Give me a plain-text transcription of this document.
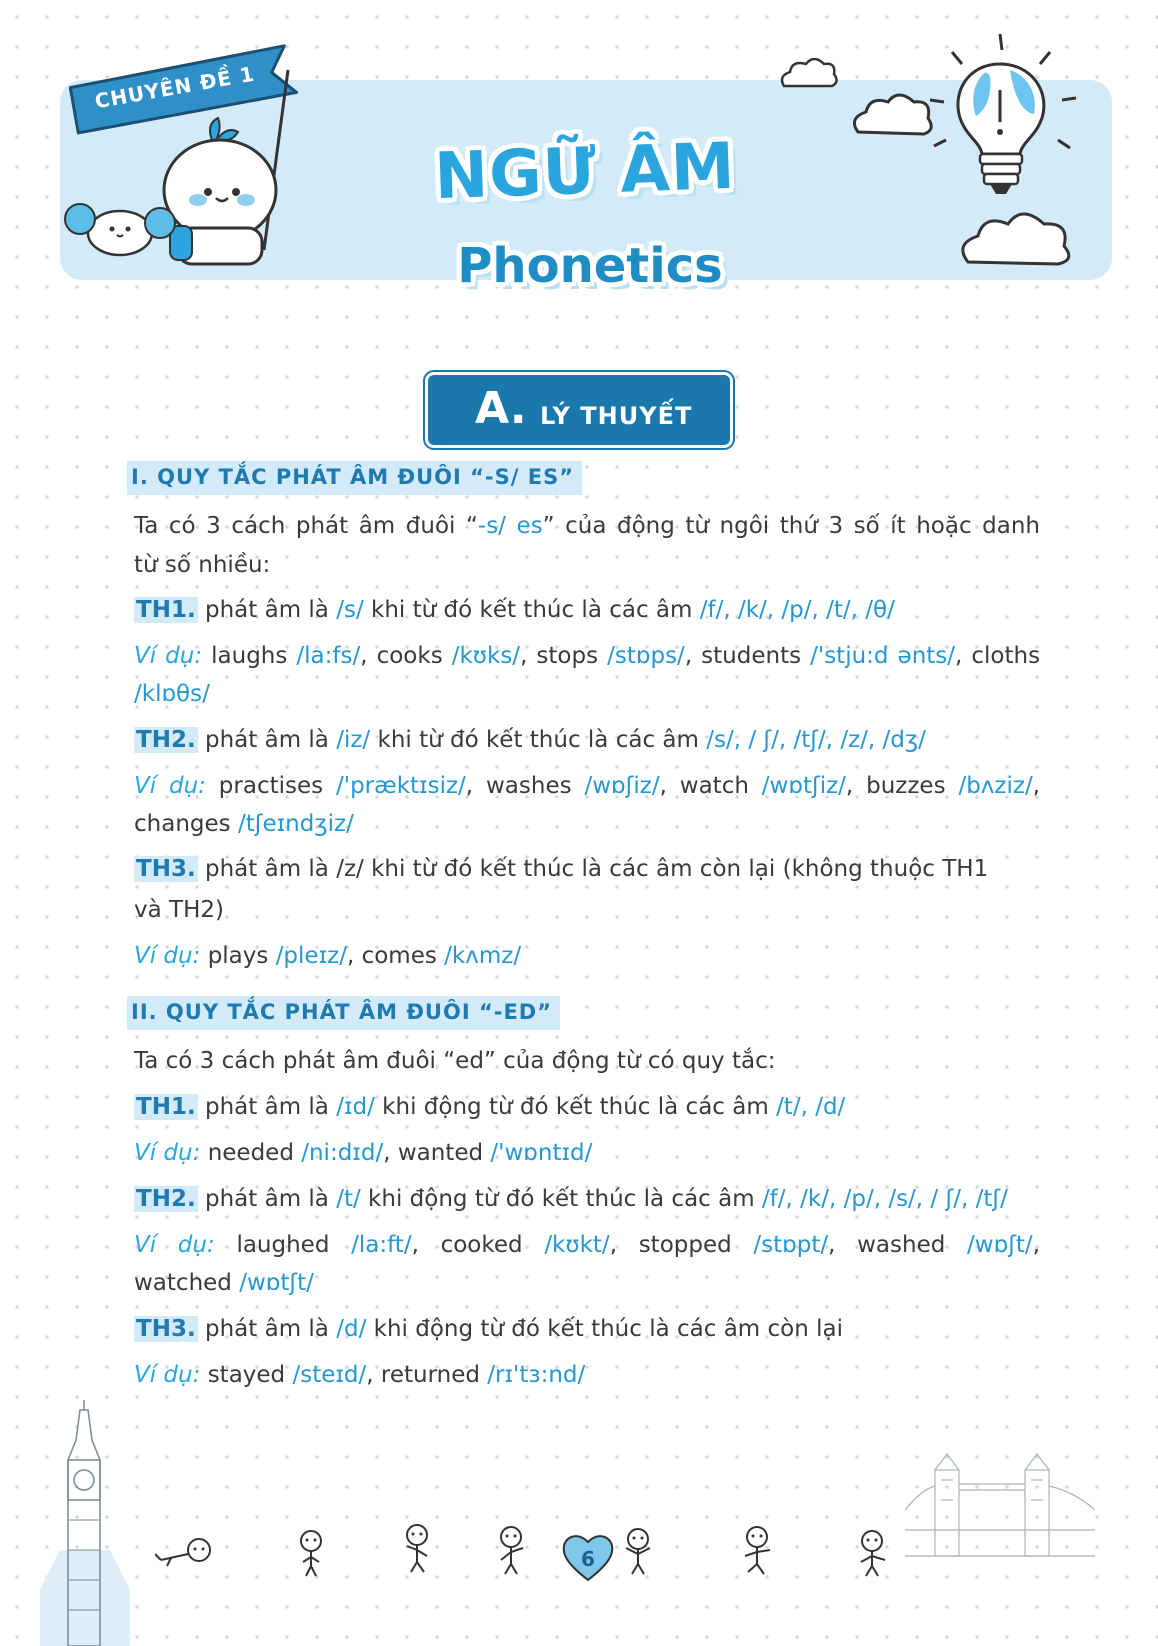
CHUYÊN ĐỀ 1
NGỮ ÂM
Phonetics
A. LÝ THUYẾT
I. QUY TẮC PHÁT ÂM ĐUÔI “-S/ ES”
Ta có 3 cách phát âm đuôi “-s/ es” của động từ ngôi thứ 3 số ít hoặc danh
từ số nhiều:
TH1. phát âm là /s/ khi từ đó kết thúc là các âm /f/, /k/, /p/, /t/, /θ/
Ví dụ: laughs /la:fs/, cooks /kʊks/, stops /stɒps/, students /'stju:d ənts/, cloths
/klɒθs/
TH2. phát âm là /iz/ khi từ đó kết thúc là các âm /s/, / ʃ/, /tʃ/, /z/, /dʒ/
Ví dụ: practises /'præktɪsiz/, washes /wɒʃiz/, watch /wɒtʃiz/, buzzes /bʌziz/,
changes /tʃeɪndʒiz/
TH3. phát âm là /z/ khi từ đó kết thúc là các âm còn lại (không thuộc TH1
và TH2)
Ví dụ: plays /pleɪz/, comes /kʌmz/
II. QUY TẮC PHÁT ÂM ĐUÔI “-ED”
Ta có 3 cách phát âm đuôi “ed” của động từ có quy tắc:
TH1. phát âm là /ɪd/ khi động từ đó kết thúc là các âm /t/, /d/
Ví dụ: needed /ni:dɪd/, wanted /'wɒntɪd/
TH2. phát âm là /t/ khi động từ đó kết thúc là các âm /f/, /k/, /p/, /s/, / ʃ/, /tʃ/
Ví dụ: laughed /la:ft/, cooked /kʊkt/, stopped /stɒpt/, washed /wɒʃt/,
watched /wɒtʃt/
TH3. phát âm là /d/ khi động từ đó kết thúc là các âm còn lại
Ví dụ: stayed /steɪd/, returned /rɪ'tɜ:nd/
6
